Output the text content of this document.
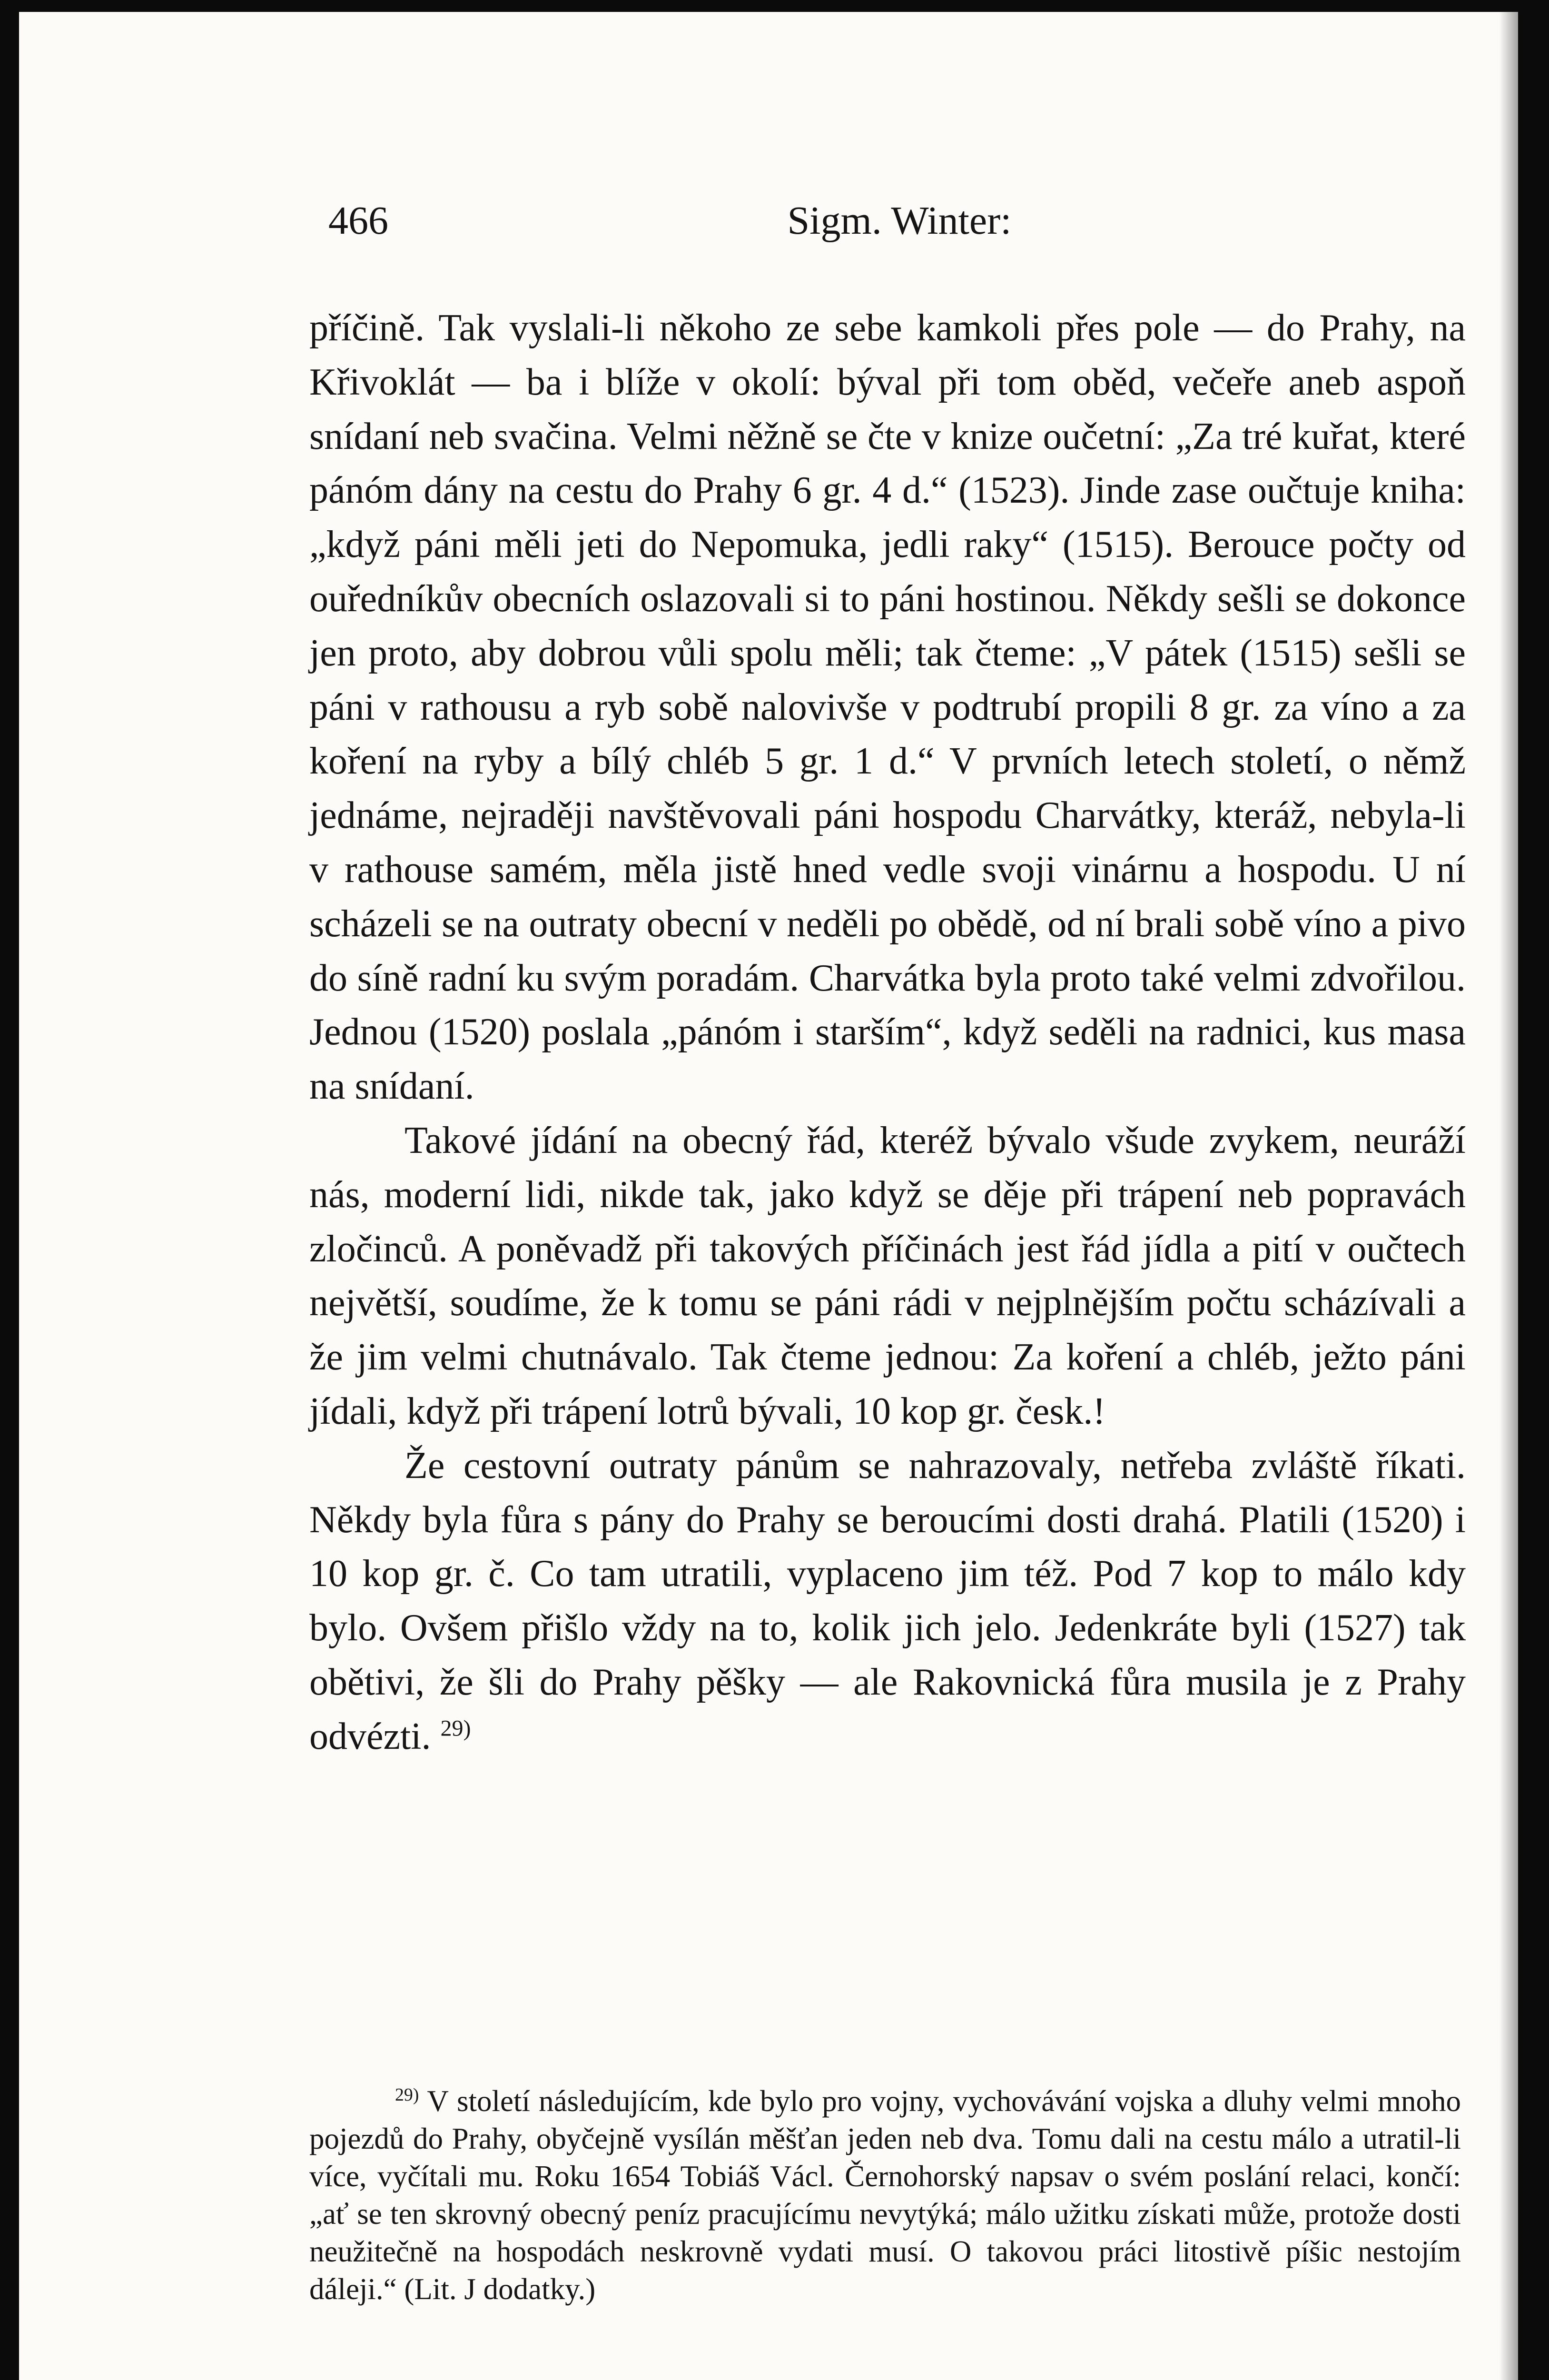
466	Sigm. Winter:

příčině. Tak vyslali-li někoho ze sebe kamkoli přes pole — do Prahy, na Křivoklát — ba i blíže v okolí: býval při tom oběd, večeře aneb aspoň snídaní neb svačina. Velmi něžně se čte v knize oučetní: „Za tré kuřat, které pánóm dány na cestu do Prahy 6 gr. 4 d.“ (1523). Jinde zase oučtuje kniha: „když páni měli jeti do Nepomuka, jedli raky“ (1515). Berouce počty od ouředníkův obecních oslazovali si to páni hostinou. Někdy sešli se dokonce jen proto, aby dobrou vůli spolu měli; tak čteme: „V pátek (1515) sešli se páni v rathousu a ryb sobě nalovivše v podtrubí propili 8 gr. za víno a za koření na ryby a bílý chléb 5 gr. 1 d.“ V prvních letech století, o němž jednáme, nejraději navštěvovali páni hospodu Charvátky, kteráž, nebyla-li v rathouse samém, měla jistě hned vedle svoji vinárnu a hospodu. U ní scházeli se na outraty obecní v neděli po obědě, od ní brali sobě víno a pivo do síně radní ku svým poradám. Charvátka byla proto také velmi zdvořilou. Jednou (1520) poslala „pánóm i starším“, když seděli na radnici, kus masa na snídaní.

Takové jídání na obecný řád, kteréž bývalo všude zvykem, neuráží nás, moderní lidi, nikde tak, jako když se děje při trápení neb popravách zločinců. A poněvadž při takových příčinách jest řád jídla a pití v oučtech největší, soudíme, že k tomu se páni rádi v nejplnějším počtu scházívali a že jim velmi chutnávalo. Tak čteme jednou: Za koření a chléb, ježto páni jídali, když při trápení lotrů bývali, 10 kop gr. česk.!

Že cestovní outraty pánům se nahrazovaly, netřeba zvláště říkati. Někdy byla fůra s pány do Prahy se beroucími dosti drahá. Platili (1520) i 10 kop gr. č. Co tam utratili, vyplaceno jim též. Pod 7 kop to málo kdy bylo. Ovšem přišlo vždy na to, kolik jich jelo. Jedenkráte byli (1527) tak obětivi, že šli do Prahy pěšky — ale Rakovnická fůra musila je z Prahy odvézti. $^{29)}$

$^{29)}$ V století následujícím, kde bylo pro vojny, vychovávání vojska a dluhy velmi mnoho pojezdů do Prahy, obyčejně vysílán měšťan jeden neb dva. Tomu dali na cestu málo a utratil-li více, vyčítali mu. Roku 1654 Tobiáš Václ. Černohorský napsav o svém poslání relaci, končí: „ať se ten skrovný obecný peníz pracujícímu nevytýká; málo užitku získati může, protože dosti neužitečně na hospodách neskrovně vydati musí. O takovou práci litostivě píšic nestojím dáleji.“ (Lit. J dodatky.)
